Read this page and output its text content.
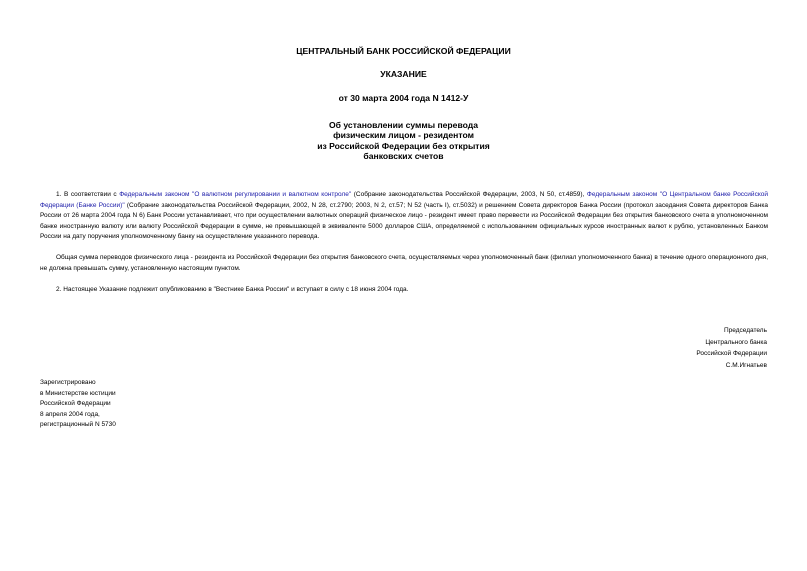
ЦЕНТРАЛЬНЫЙ БАНК РОССИЙСКОЙ ФЕДЕРАЦИИ
УКАЗАНИЕ
от 30 марта 2004 года N 1412-У
Об установлении суммы перевода
физическим лицом - резидентом
из Российской Федерации без открытия
банковских счетов
1. В соответствии с Федеральным законом "О валютном регулировании и валютном контроле" (Собрание законодательства Российской Федерации, 2003, N 50, ст.4859), Федеральным законом "О Центральном банке Российской Федерации (Банке России)" (Собрание законодательства Российской Федерации, 2002, N 28, ст.2790; 2003, N 2, ст.57; N 52 (часть I), ст.5032) и решением Совета директоров Банка России (протокол заседания Совета директоров Банка России от 26 марта 2004 года N 6) Банк России устанавливает, что при осуществлении валютных операций физическое лицо - резидент имеет право перевести из Российской Федерации без открытия банковского счета в уполномоченном банке иностранную валюту или валюту Российской Федерации в сумме, не превышающей в эквиваленте 5000 долларов США, определяемой с использованием официальных курсов иностранных валют к рублю, установленных Банком России на дату поручения уполномоченному банку на осуществление указанного перевода.
Общая сумма переводов физического лица - резидента из Российской Федерации без открытия банковского счета, осуществляемых через уполномоченный банк (филиал уполномоченного банка) в течение одного операционного дня, не должна превышать сумму, установленную настоящим пунктом.
2. Настоящее Указание подлежит опубликованию в "Вестнике Банка России" и вступает в силу с 18 июня 2004 года.
Председатель
Центрального банка
Российской Федерации
С.М.Игнатьев
Зарегистрировано
в Министерстве юстиции
Российской Федерации
8 апреля 2004 года,
регистрационный N 5730
